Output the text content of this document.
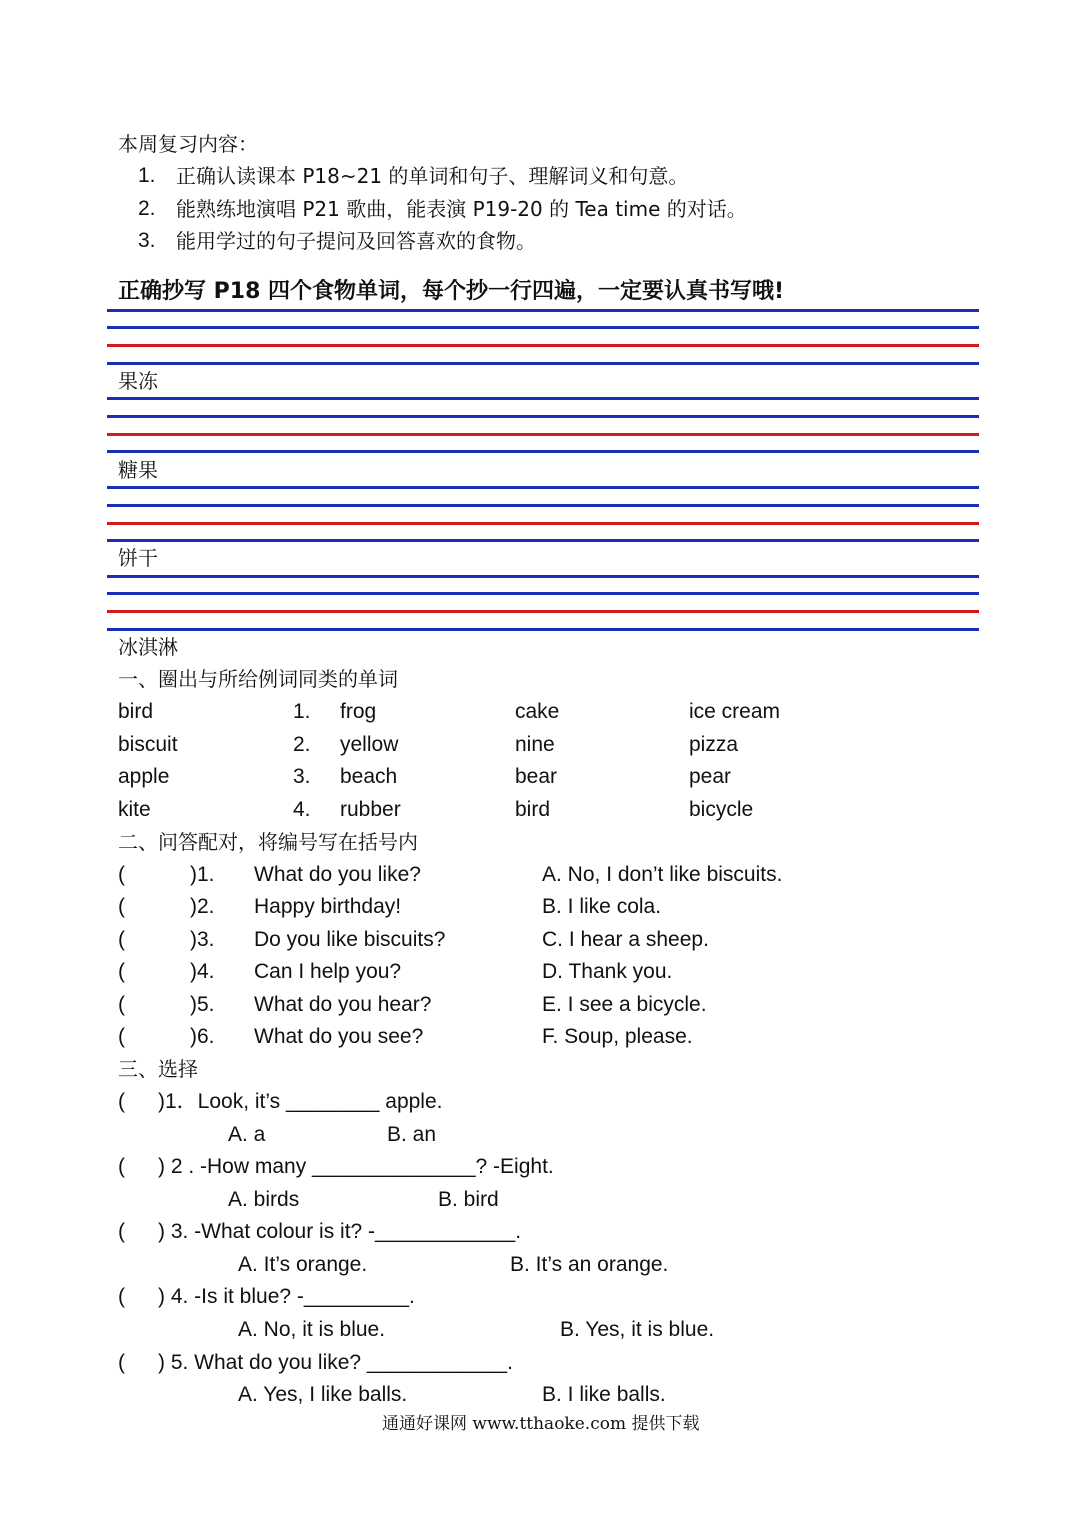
本周复习内容：
1. 正确认读课本 P18~21 的单词和句子、理解词义和句意。
2. 能熟练地演唱 P21 歌曲，能表演 P19-20 的 Tea time 的对话。
3. 能用学过的句子提问及回答喜欢的食物。
正确抄写 P18 四个食物单词，每个抄一行四遍，一定要认真书写哦!
果冻
糖果
饼干
冰淇淋
一、圈出与所给例词同类的单词
bird	1. frog	cake	ice cream
biscuit	2. yellow	nine	pizza
apple	3. beach	bear	pear
kite	4. rubber	bird	bicycle
二、问答配对，将编号写在括号内
(	)1. What do you like?	A. No, I don’t like biscuits.
(	)2. Happy birthday!	B. I like cola.
(	)3. Do you like biscuits?	C. I hear a sheep.
(	)4. Can I help you?	D. Thank you.
(	)5. What do you hear?	E. I see a bicycle.
(	)6. What do you see?	F. Soup, please.
三、选择
( )1．Look, it’s ________ apple.
A. a	B. an
( ) 2 . -How many ______________? -Eight.
A. birds	B. bird
( ) 3. -What colour is it? -____________.
A. It’s orange.	B. It’s an orange.
( ) 4. -Is it blue? -_________.
A. No, it is blue.	B. Yes, it is blue.
( ) 5. What do you like? ____________.
A. Yes, I like balls.	B. I like balls.
通通好课网 www.tthaoke.com 提供下载
